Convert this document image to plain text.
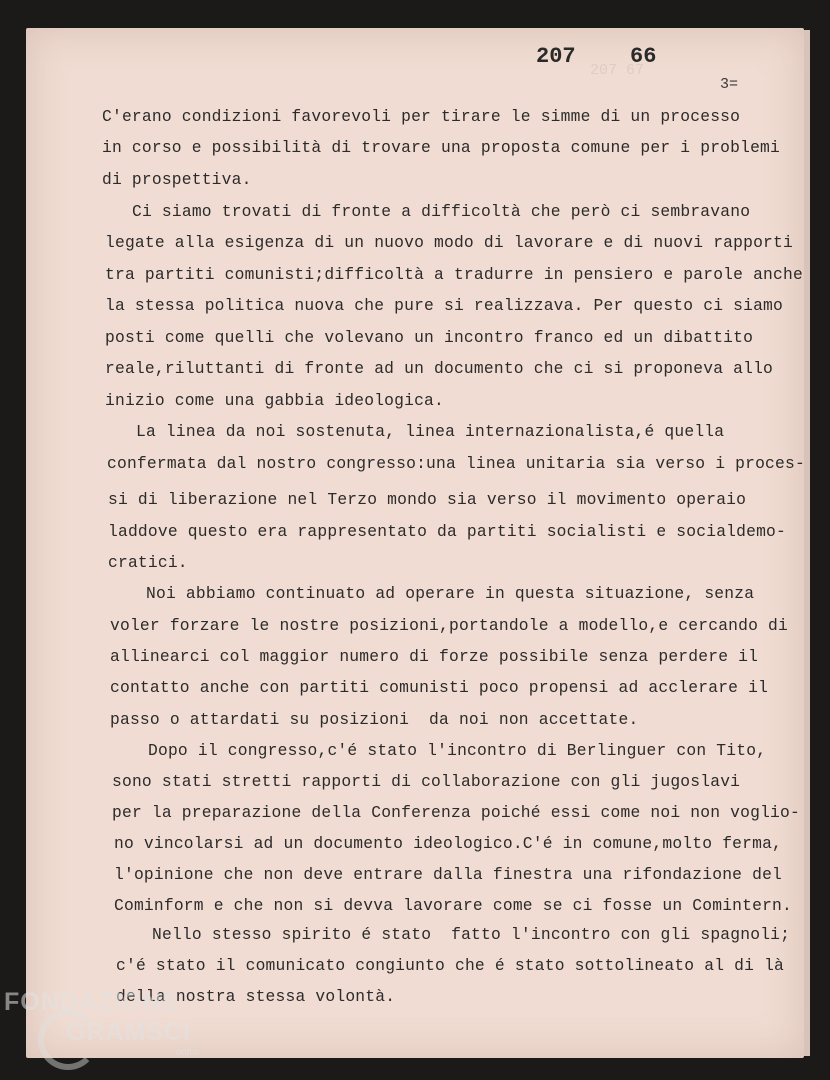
207 67
207 66
3=
C'erano condizioni favorevoli per tirare le simme di un processo
in corso e possibilità di trovare una proposta comune per i problemi
di prospettiva.
Ci siamo trovati di fronte a difficoltà che però ci sembravano
legate alla esigenza di un nuovo modo di lavorare e di nuovi rapporti
tra partiti comunisti;difficoltà a tradurre in pensiero e parole anche
la stessa politica nuova che pure si realizzava. Per questo ci siamo
posti come quelli che volevano un incontro franco ed un dibattito
reale,riluttanti di fronte ad un documento che ci si proponeva allo
inizio come una gabbia ideologica.
La linea da noi sostenuta, linea internazionalista,é quella
confermata dal nostro congresso:una linea unitaria sia verso i proces-
si di liberazione nel Terzo mondo sia verso il movimento operaio
laddove questo era rappresentato da partiti socialisti e socialdemo-
cratici.
Noi abbiamo continuato ad operare in questa situazione, senza
voler forzare le nostre posizioni,portandole a modello,e cercando di
allinearci col maggior numero di forze possibile senza perdere il
contatto anche con partiti comunisti poco propensi ad acclerare il
passo o attardati su posizioni  da noi non accettate.
Dopo il congresso,c'é stato l'incontro di Berlinguer con Tito,
sono stati stretti rapporti di collaborazione con gli jugoslavi
per la preparazione della Conferenza poiché essi come noi non voglio-
no vincolarsi ad un documento ideologico.C'é in comune,molto ferma,
l'opinione che non deve entrare dalla finestra una rifondazione del
Cominform e che non si devva lavorare come se ci fosse un Comintern.
Nello stesso spirito é stato  fatto l'incontro con gli spagnoli;
c'é stato il comunicato congiunto che é stato sottolineato al di là
della nostra stessa volontà.
FONDAZIONE
GRAMSCI
onlus
